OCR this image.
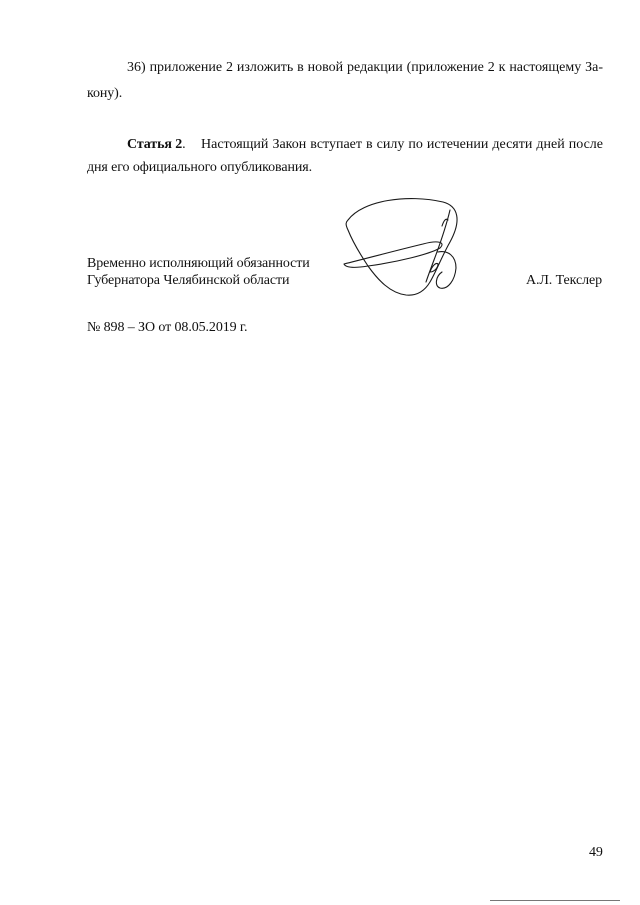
36) приложение 2 изложить в новой редакции (приложение 2 к настоящему За-
кону).
Статья 2. Настоящий Закон вступает в силу по истечении десяти дней после
дня его официального опубликования.
Временно исполняющий обязанности
Губернатора Челябинской области	А.Л. Текслер
№ 898 – ЗО от 08.05.2019 г.
49
